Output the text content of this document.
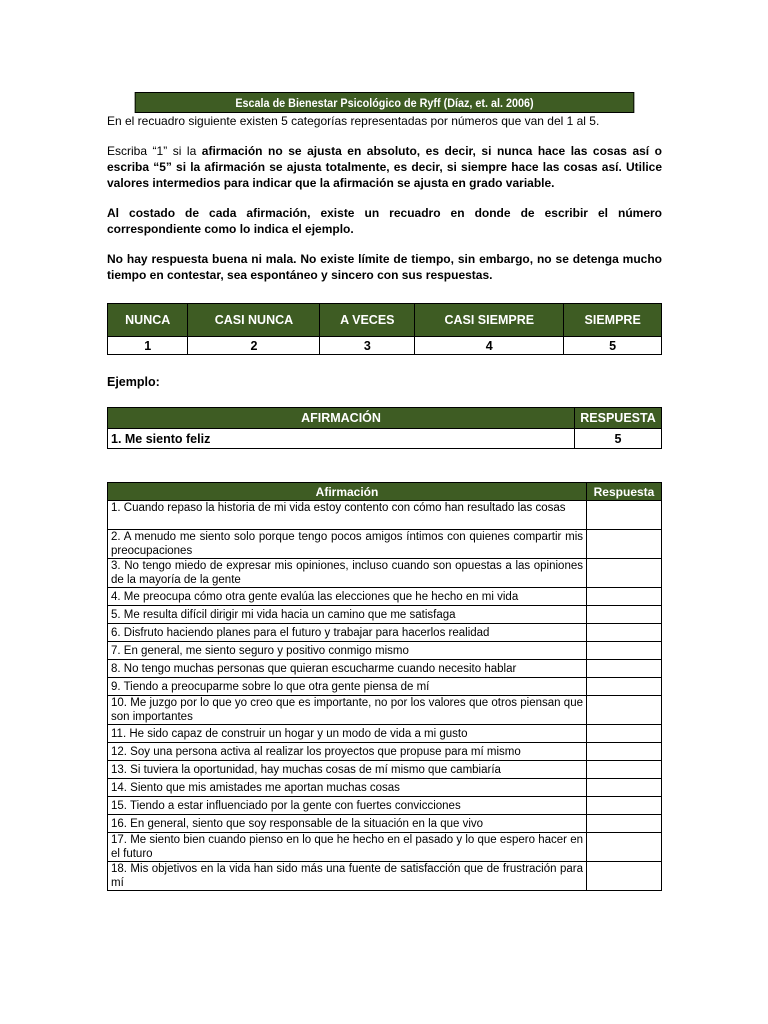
Escala de Bienestar Psicológico de Ryff (Díaz, et. al. 2006)

En el recuadro siguiente existen 5 categorías representadas por números que van del 1 al 5.

Escriba “1” si la afirmación no se ajusta en absoluto, es decir, si nunca hace las cosas así o escriba “5” si la afirmación se ajusta totalmente, es decir, si siempre hace las cosas así. Utilice valores intermedios para indicar que la afirmación se ajusta en grado variable.

Al costado de cada afirmación, existe un recuadro en donde de escribir el número correspondiente como lo indica el ejemplo.

No hay respuesta buena ni mala. No existe límite de tiempo, sin embargo, no se detenga mucho tiempo en contestar, sea espontáneo y sincero con sus respuestas.

NUNCA	CASI NUNCA	A VECES	CASI SIEMPRE	SIEMPRE
1	2	3	4	5
Ejemplo:
AFIRMACIÓN	RESPUESTA
1. Me siento feliz	5
Afirmación	Respuesta
1. Cuando repaso la historia de mi vida estoy contento con cómo han resultado las cosas	
2. A menudo me siento solo porque tengo pocos amigos íntimos con quienes compartir mis preocupaciones	
3. No tengo miedo de expresar mis opiniones, incluso cuando son opuestas a las opiniones de la mayoría de la gente	
4. Me preocupa cómo otra gente evalúa las elecciones que he hecho en mi vida	
5. Me resulta difícil dirigir mi vida hacia un camino que me satisfaga	
6. Disfruto haciendo planes para el futuro y trabajar para hacerlos realidad	
7. En general, me siento seguro y positivo conmigo mismo	
8. No tengo muchas personas que quieran escucharme cuando necesito hablar	
9. Tiendo a preocuparme sobre lo que otra gente piensa de mí	
10. Me juzgo por lo que yo creo que es importante, no por los valores que otros piensan que son importantes	
11. He sido capaz de construir un hogar y un modo de vida a mi gusto	
12. Soy una persona activa al realizar los proyectos que propuse para mí mismo	
13. Si tuviera la oportunidad, hay muchas cosas de mí mismo que cambiaría	
14. Siento que mis amistades me aportan muchas cosas	
15. Tiendo a estar influenciado por la gente con fuertes convicciones	
16. En general, siento que soy responsable de la situación en la que vivo	
17. Me siento bien cuando pienso en lo que he hecho en el pasado y lo que espero hacer en el futuro	
18. Mis objetivos en la vida han sido más una fuente de satisfacción que de frustración para mí	
